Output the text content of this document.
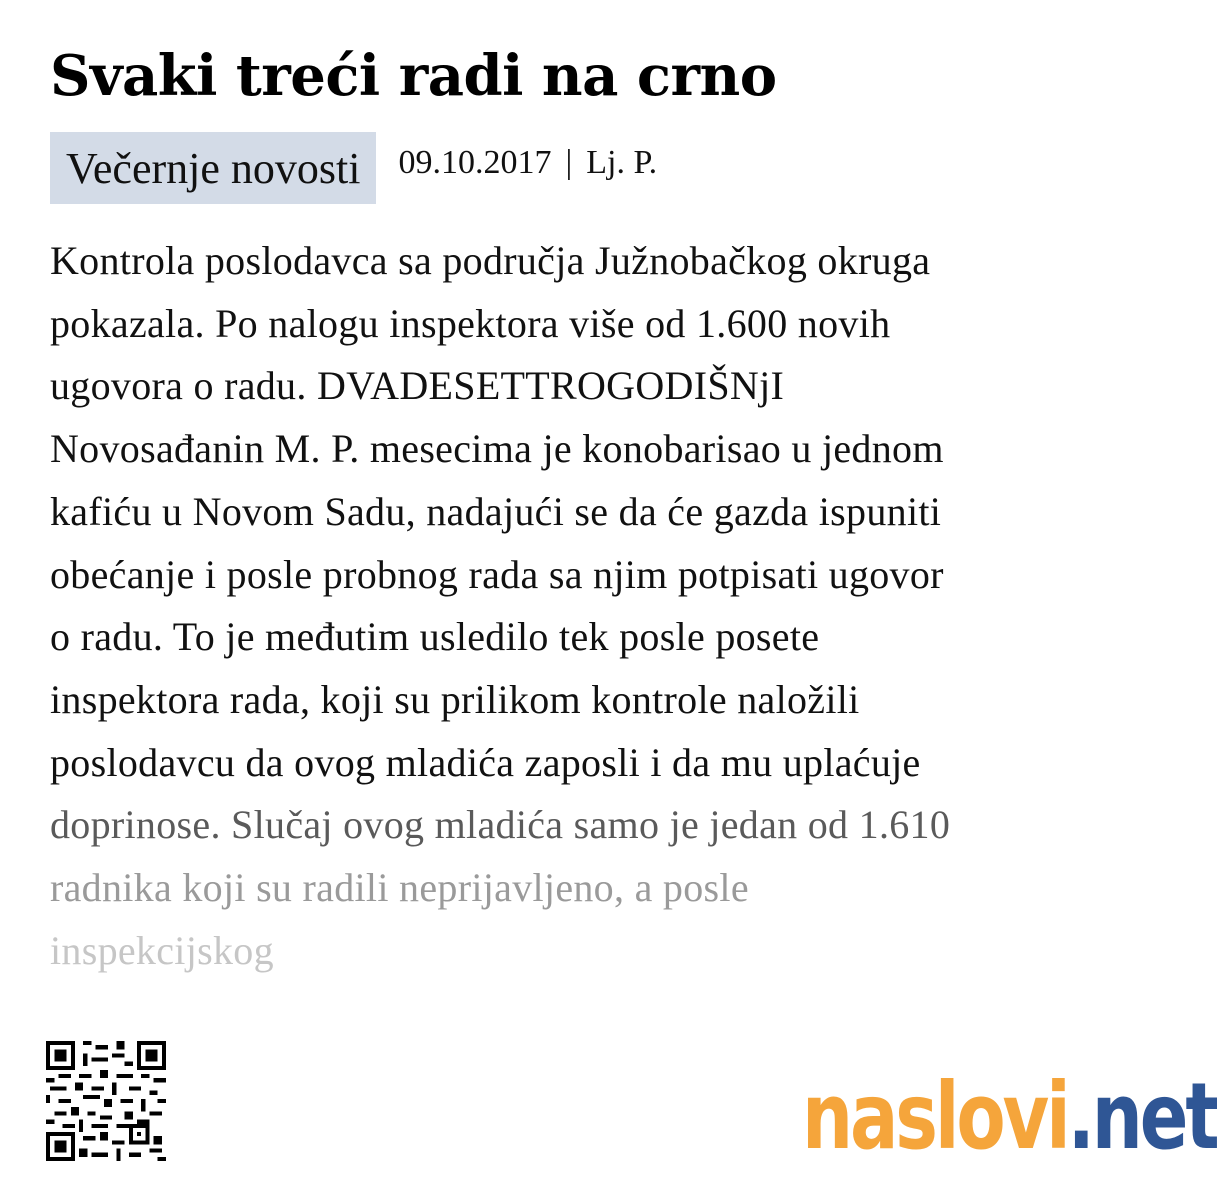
Svaki treći radi na crno
Večernje novosti 09.10.2017 | Lj. P.
Kontrola poslodavca sa područja Južnobačkog okruga
pokazala. Po nalogu inspektora više od 1.600 novih
ugovora o radu. DVADESETTROGODIŠNjI
Novosađanin M. P. mesecima je konobarisao u jednom
kafiću u Novom Sadu, nadajući se da će gazda ispuniti
obećanje i posle probnog rada sa njim potpisati ugovor
o radu. To je međutim usledilo tek posle posete
inspektora rada, koji su prilikom kontrole naložili
poslodavcu da ovog mladića zaposli i da mu uplaćuje
doprinose. Slučaj ovog mladića samo je jedan od 1.610
radnika koji su radili neprijavljeno, a posle
inspekcijskog
naslovi.net
